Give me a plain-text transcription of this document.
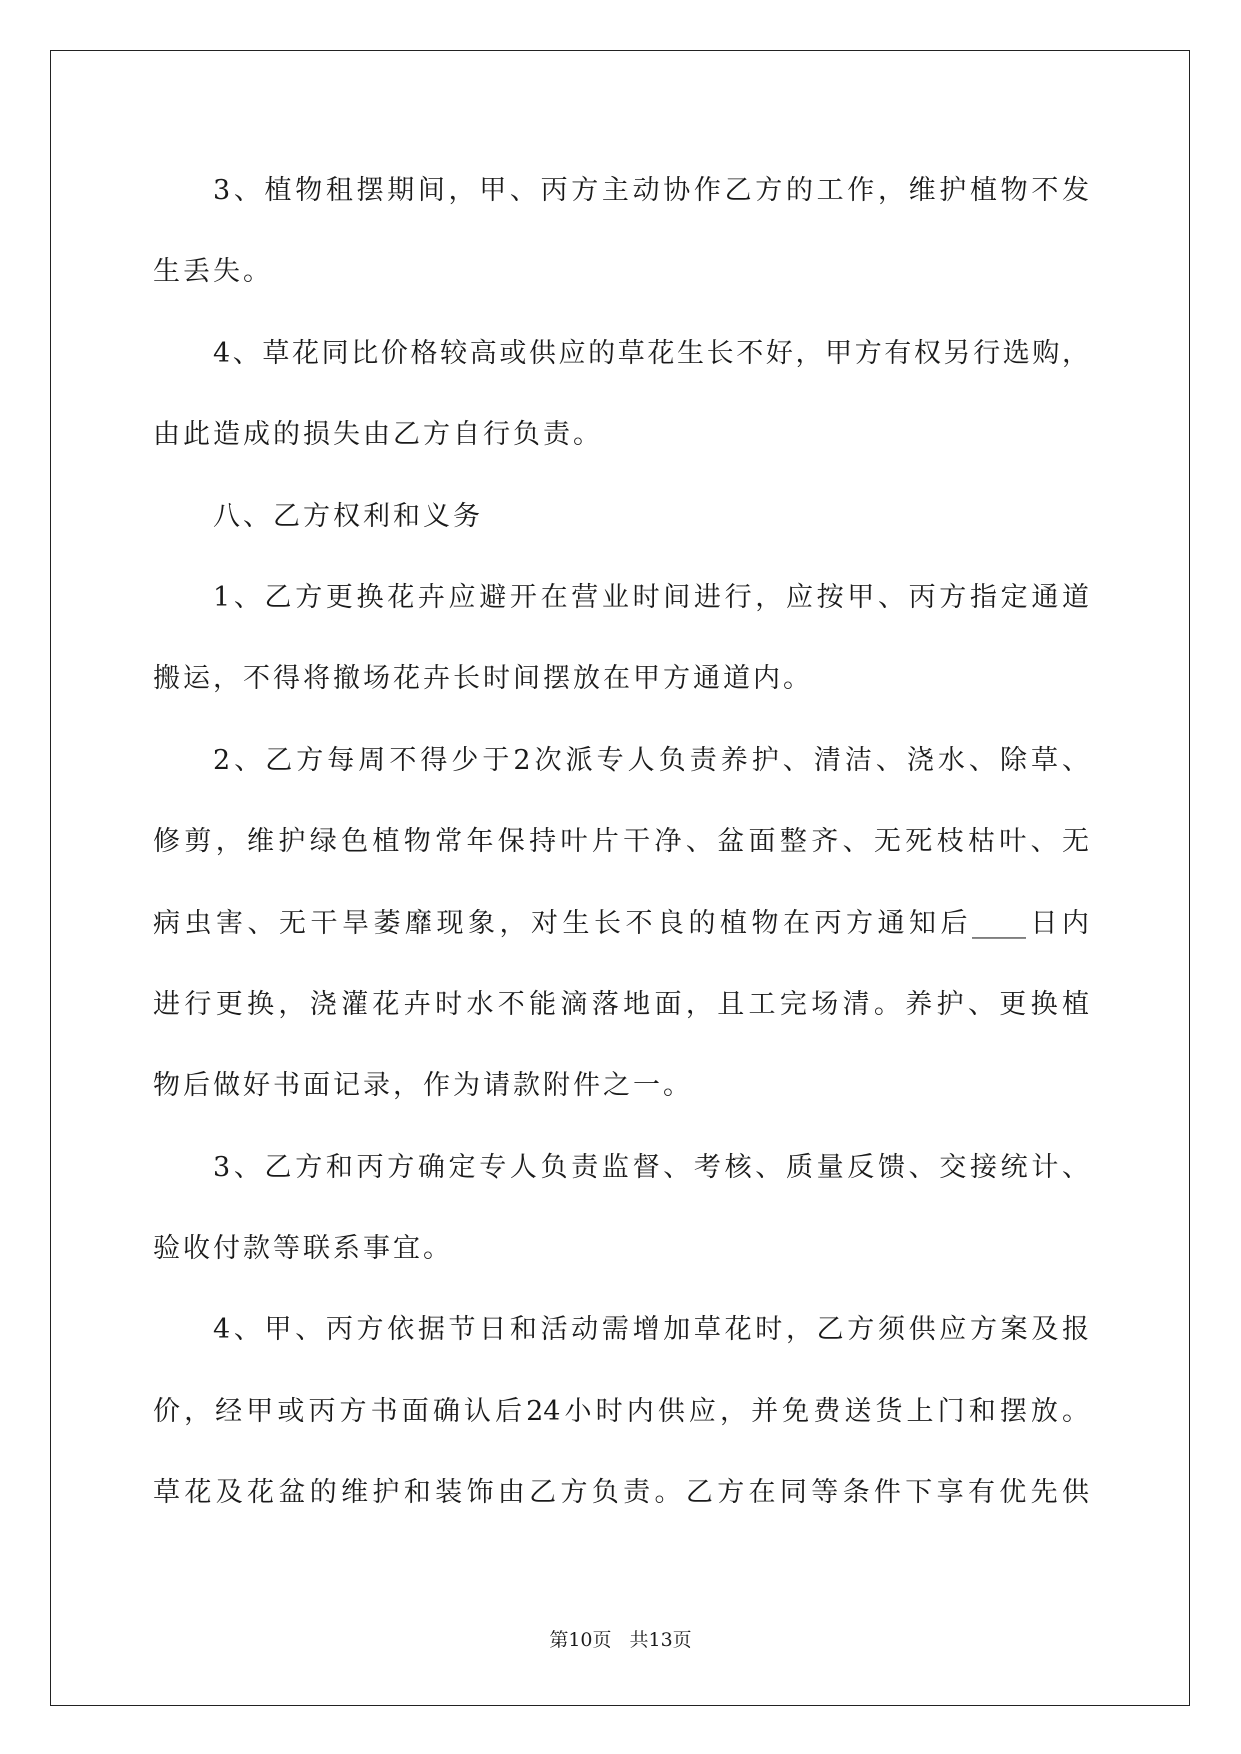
3、植物租摆期间，甲、丙方主动协作乙方的工作，维护植物不发
生丢失。
4、草花同比价格较高或供应的草花生长不好，甲方有权另行选购，
由此造成的损失由乙方自行负责。
八、乙方权利和义务
1、乙方更换花卉应避开在营业时间进行，应按甲、丙方指定通道
搬运，不得将撤场花卉长时间摆放在甲方通道内。
2、乙方每周不得少于2次派专人负责养护、清洁、浇水、除草、
修剪，维护绿色植物常年保持叶片干净、盆面整齐、无死枝枯叶、无
病虫害、无干旱萎靡现象，对生长不良的植物在丙方通知后____日内
进行更换，浇灌花卉时水不能滴落地面，且工完场清。养护、更换植
物后做好书面记录，作为请款附件之一。
3、乙方和丙方确定专人负责监督、考核、质量反馈、交接统计、
验收付款等联系事宜。
4、甲、丙方依据节日和活动需增加草花时，乙方须供应方案及报
价，经甲或丙方书面确认后24小时内供应，并免费送货上门和摆放。
草花及花盆的维护和装饰由乙方负责。乙方在同等条件下享有优先供
第10页 共13页
